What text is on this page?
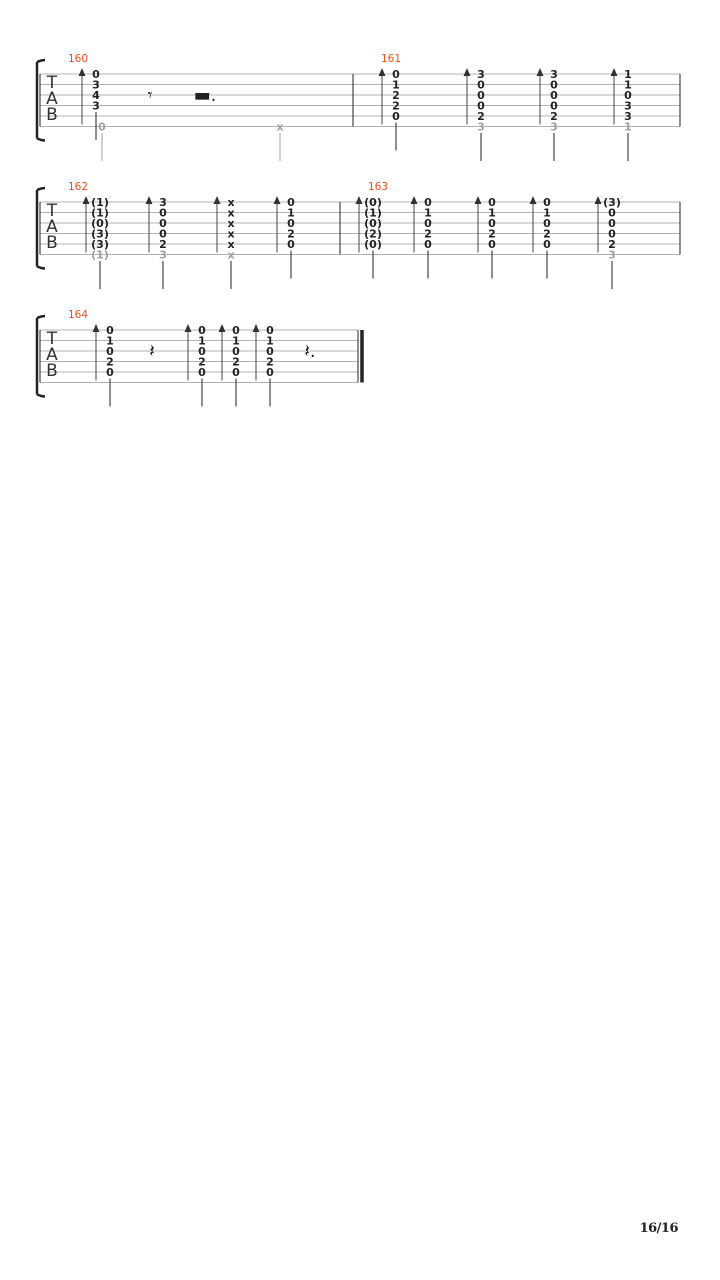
T
A
B
160
0
3
4
3
0
𝄾 ▬.
x
161
0
1
2
2
0
3
0
0
0
2
3
3
0
0
0
2
3
1
1
0
3
3
1
T
A
B
162
(1)
(1)
(0)
(3)
(3)
(1)
3
0
0
0
2
3
x
x
x
x
x
x
0
1
0
2
0
163
(0)
(1)
(0)
(2)
(0)
0
1
0
2
0
0
1
0
2
0
0
1
0
2
0
(3)
0
0
0
2
3
T
A
B
164
0
1
0
2
0
𝄽
0
1
0
2
0
0
1
0
2
0
0
1
0
2
0
𝄽.
16/16
